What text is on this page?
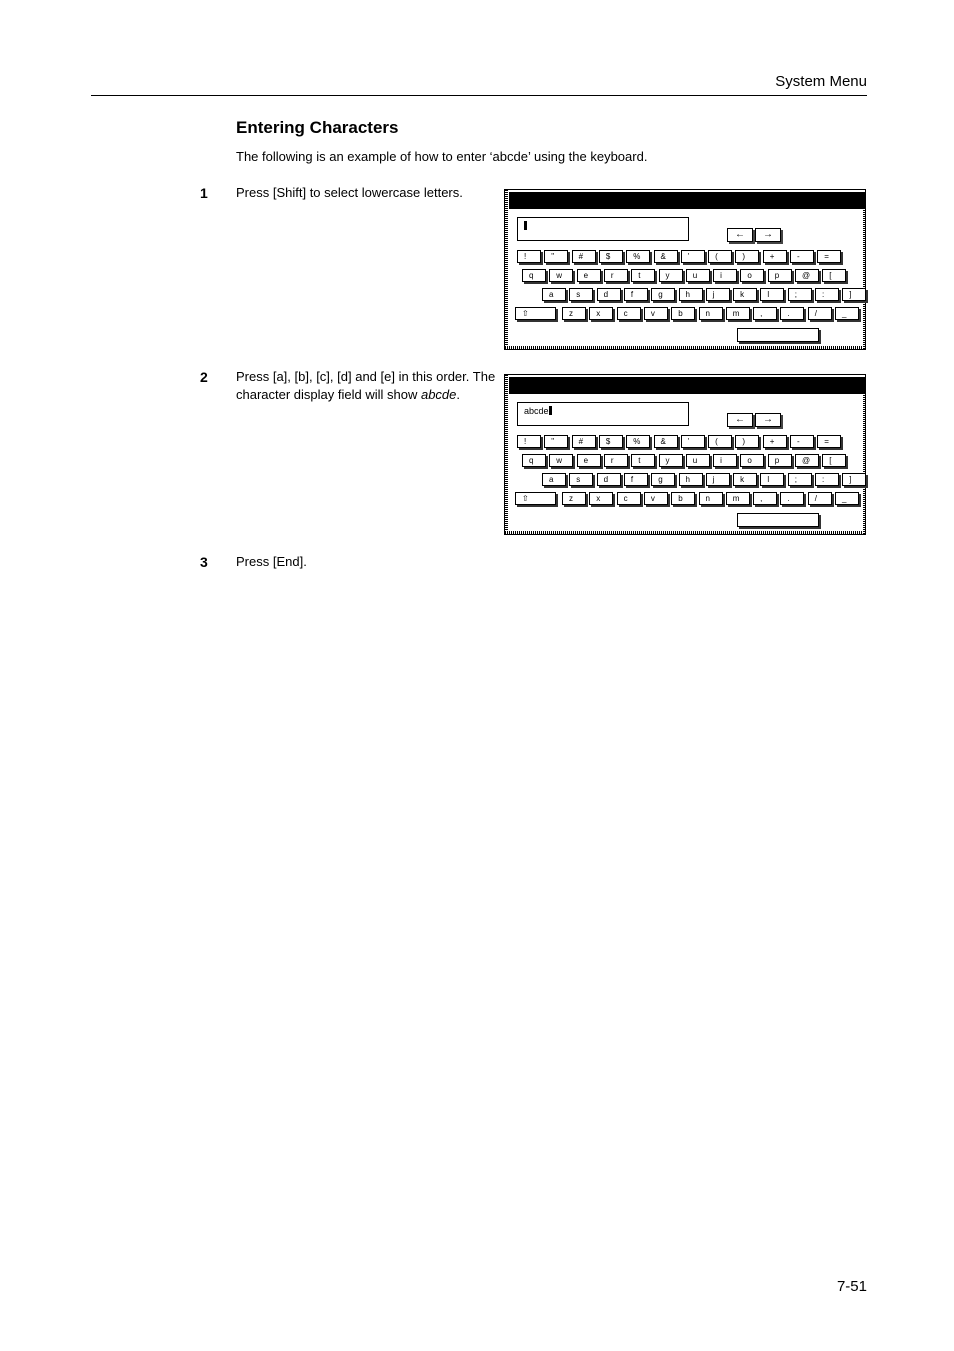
System Menu
Entering Characters
The following is an example of how to enter ‘abcde’ using the keyboard.
1 Press [Shift] to select lowercase letters.
2 Press [a], [b], [c], [d] and [e] in this order. The character display field will show abcde.
3 Press [End].
←	→
!	"	#	$	%	&	'	(	)	+	-	=
q	w	e	r	t	y	u	i	o	p	@	[
a	s	d	f	g	h	j	k	l	;	:	]
⇧	z	x	c	v	b	n	m	,	.	/	_
abcde
←	→
!	"	#	$	%	&	'	(	)	+	-	=
q	w	e	r	t	y	u	i	o	p	@	[
a	s	d	f	g	h	j	k	l	;	:	]
⇧	z	x	c	v	b	n	m	,	.	/	_
7-51
